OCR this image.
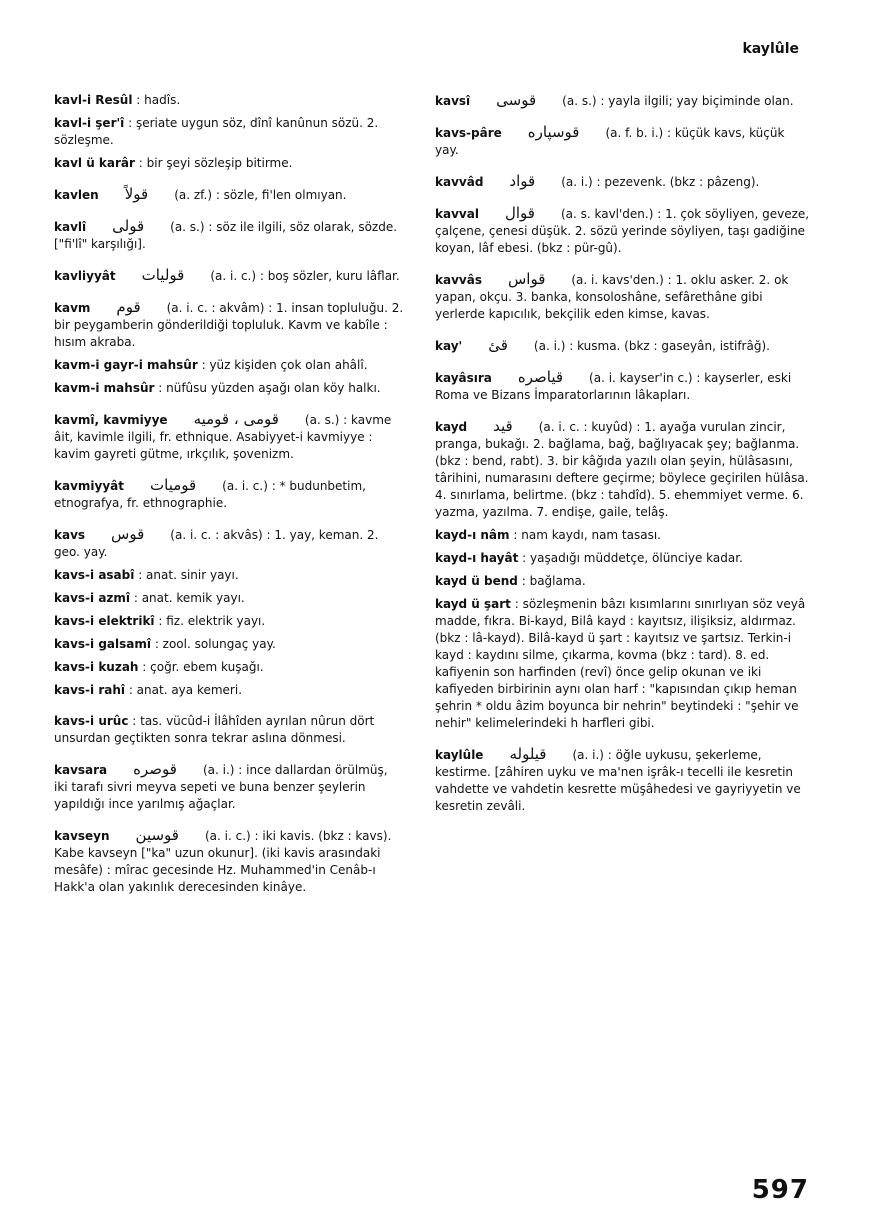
kaylûle

kavl-i Resûl : hadîs.

kavl-i şer'î : şeriate uygun söz, dînî kanûnun sözü. 2. sözleşme.

kavl ü karâr : bir şeyi sözleşip bitirme.

kavlen قولاً (a. zf.) : sözle, fi'len olmıyan.

kavlî قولى (a. s.) : söz ile ilgili, söz olarak, sözde. ["fi'lî" karşılığı].

kavliyyât قوليات (a. i. c.) : boş sözler, kuru lâflar.

kavm قوم (a. i. c. : akvâm) : 1. insan topluluğu. 2. bir peygamberin gönderildiği topluluk. Kavm ve kabîle : hısım akraba.

kavm-i gayr-i mahsûr : yüz kişiden çok olan ahâlî.

kavm-i mahsûr : nüfûsu yüzden aşağı olan köy halkı.

kavmî, kavmiyye قومى ، قوميه (a. s.) : kavme âit, kavimle ilgili, fr. ethnique. Asabiyyet-i kavmiyye : kavim gayreti gütme, ırkçılık, şovenizm.

kavmiyyât قوميات (a. i. c.) : * budunbetim, etnografya, fr. ethnographie.

kavs قوس (a. i. c. : akvâs) : 1. yay, keman. 2. geo. yay.

kavs-i asabî : anat. sinir yayı.

kavs-i azmî : anat. kemik yayı.

kavs-i elektrikî : fiz. elektrik yayı.

kavs-i galsamî : zool. solungaç yay.

kavs-i kuzah : çoğr. ebem kuşağı.

kavs-i rahî : anat. aya kemeri.

kavs-i urûc : tas. vücûd-i İlâhîden ayrılan nûrun dört unsurdan geçtikten sonra tekrar aslına dönmesi.

kavsara قوصره (a. i.) : ince dallardan örülmüş, iki tarafı sivri meyva sepeti ve buna benzer şeylerin yapıldığı ince yarılmış ağaçlar.

kavseyn قوسين (a. i. c.) : iki kavis. (bkz : kavs). Kabe kavseyn ["ka" uzun okunur]. (iki kavis arasındaki mesâfe) : mîrac gecesinde Hz. Muhammed'in Cenâb-ı Hakk'a olan yakınlık derecesinden kinâye.

kavsî قوسى (a. s.) : yayla ilgili; yay biçiminde olan.

kavs-pâre قوسپاره (a. f. b. i.) : küçük kavs, küçük yay.

kavvâd قواد (a. i.) : pezevenk. (bkz : pâzeng).

kavval قوال (a. s. kavl'den.) : 1. çok söyliyen, geveze, çalçene, çenesi düşük. 2. sözü yerinde söyliyen, taşı gadiğine koyan, lâf ebesi. (bkz : pür-gû).

kavvâs قواس (a. i. kavs'den.) : 1. oklu asker. 2. ok yapan, okçu. 3. banka, konsoloshâne, sefârethâne gibi yerlerde kapıcılık, bekçilik eden kimse, kavas.

kay' قئ (a. i.) : kusma. (bkz : gaseyân, istifrâğ).

kayâsıra قياصره (a. i. kayser'in c.) : kayserler, eski Roma ve Bizans İmparatorlarının lâkapları.

kayd قيد (a. i. c. : kuyûd) : 1. ayağa vurulan zincir, pranga, bukağı. 2. bağlama, bağ, bağlıyacak şey; bağlanma. (bkz : bend, rabt). 3. bir kâğıda yazılı olan şeyin, hülâsasını, târihini, numarasını deftere geçirme; böylece geçirilen hülâsa. 4. sınırlama, belirtme. (bkz : tahdîd). 5. ehemmiyet verme. 6. yazma, yazılma. 7. endişe, gaile, telâş.

kayd-ı nâm : nam kaydı, nam tasası.

kayd-ı hayât : yaşadığı müddetçe, ölünciye kadar.

kayd ü bend : bağlama.

kayd ü şart : sözleşmenin bâzı kısımlarını sınırlıyan söz veyâ madde, fıkra. Bi-kayd, Bilâ kayd : kayıtsız, ilişiksiz, aldırmaz. (bkz : lâ-kayd). Bilâ-kayd ü şart : kayıtsız ve şartsız. Terkin-i kayd : kaydını silme, çıkarma, kovma (bkz : tard). 8. ed. kafiyenin son harfinden (revî) önce gelip okunan ve iki kafiyeden birbirinin aynı olan harf : "kapısından çıkıp heman şehrin * oldu âzim boyunca bir nehrin" beytindeki : "şehir ve nehir" kelimelerindeki h harfleri gibi.

kaylûle قيلوله (a. i.) : öğle uykusu, şekerleme, kestirme. [zâhiren uyku ve ma'nen işrâk-ı tecelli ile kesretin vahdette ve vahdetin kesrette müşâhedesi ve gayriyyetin ve kesretin zevâli.

597
